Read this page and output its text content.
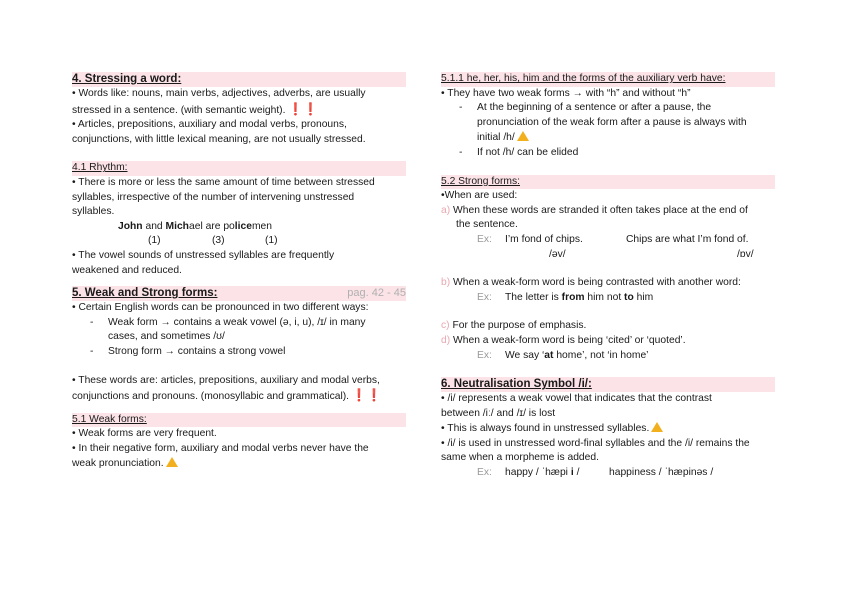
4. Stressing a word:
• Words like: nouns, main verbs, adjectives, adverbs, are usually
stressed in a sentence. (with semantic weight). ❗❗
• Articles, prepositions, auxiliary and modal verbs, pronouns,
conjunctions, with little lexical meaning, are not usually stressed.
4.1 Rhythm:
• There is more or less the same amount of time between stressed
syllables, irrespective of the number of intervening unstressed
syllables.
John and Michael are policemen
(1)	(3)	(1)
• The vowel sounds of unstressed syllables are frequently
weakened and reduced.
5. Weak and Strong forms:	pag. 42 - 45
• Certain English words can be pronounced in two different ways:
- Weak form → contains a weak vowel (ə, i, u), /ɪ/ in many
cases, and sometimes /ʊ/
- Strong form → contains a strong vowel
• These words are: articles, prepositions, auxiliary and modal verbs,
conjunctions and pronouns. (monosyllabic and grammatical). ❗❗
5.1 Weak forms:
• Weak forms are very frequent.
• In their negative form, auxiliary and modal verbs never have the
weak pronunciation.
5.1.1 he, her, his, him and the forms of the auxiliary verb have:
• They have two weak forms → with “h” and without “h”
- At the beginning of a sentence or after a pause, the
pronunciation of the weak form after a pause is always with
initial /h/
- If not /h/ can be elided
5.2 Strong forms:
•When are used:
a) When these words are stranded it often takes place at the end of
the sentence.
Ex:	I’m fond of chips.	Chips are what I’m fond of.
/əv/	/ɒv/
b) When a weak-form word is being contrasted with another word:
Ex: The letter is from him not to him
c) For the purpose of emphasis.
d) When a weak-form word is being ‘cited’ or ‘quoted’.
Ex: We say ‘at home’, not ‘in home’
6. Neutralisation Symbol /i/:
• /i/ represents a weak vowel that indicates that the contrast
between /iː/ and /ɪ/ is lost
• This is always found in unstressed syllables.
• /i/ is used in unstressed word-final syllables and the /i/ remains the
same when a morpheme is added.
Ex: happy / ˈhæpi i /	happiness / ˈhæpinəs /
